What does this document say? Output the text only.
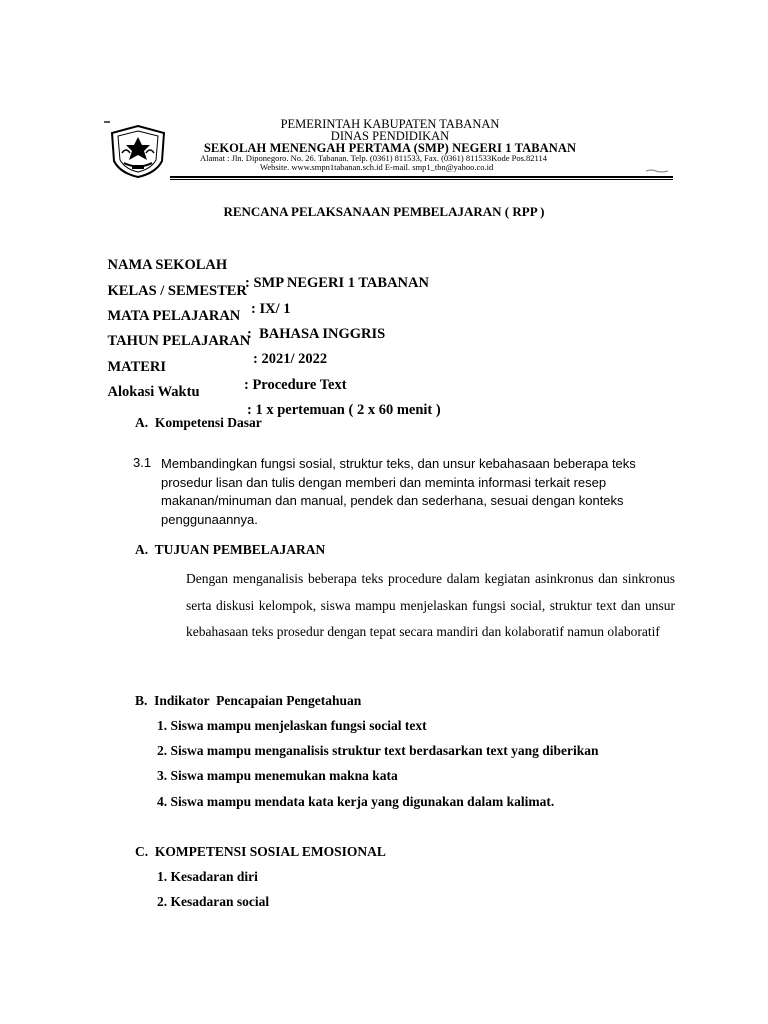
PEMERINTAH KABUPATEN TABANAN
DINAS PENDIDIKAN
SEKOLAH MENENGAH PERTAMA (SMP) NEGERI 1 TABANAN
Alamat : Jln. Diponegoro. No. 26. Tabanan. Telp. (0361) 811533, Fax. (0361) 811533Kode Pos.82114
Website. www.smpn1tabanan.sch.id E-mail. smp1_tbn@yahoo.co.id
RENCANA PELAKSANAAN PEMBELAJARAN ( RPP )

NAMA SEKOLAH

: SMP NEGERI 1 TABANAN

KELAS / SEMESTER

: IX/ 1

MATA PELAJARAN

:  BAHASA INGGRIS

TAHUN PELAJARAN

: 2021/ 2022

MATERI

: Procedure Text

Alokasi Waktu

: 1 x pertemuan ( 2 x 60 menit )

A.  Kompetensi Dasar
3.1 Membandingkan fungsi sosial, struktur teks, dan unsur kebahasaan beberapa teks prosedur lisan dan tulis dengan memberi dan meminta informasi terkait resep makanan/minuman dan manual, pendek dan sederhana, sesuai dengan konteks penggunaannya.
A.  TUJUAN PEMBELAJARAN
Dengan menganalisis beberapa teks procedure dalam kegiatan asinkronus dan sinkronus serta diskusi kelompok, siswa mampu menjelaskan fungsi social, struktur text dan unsur kebahasaan teks prosedur dengan tepat secara mandiri dan kolaboratif namun olaboratif
B.  Indikator  Pencapaian Pengetahuan
1. Siswa mampu menjelaskan fungsi social text
2. Siswa mampu menganalisis struktur text berdasarkan text yang diberikan
3. Siswa mampu menemukan makna kata
4. Siswa mampu mendata kata kerja yang digunakan dalam kalimat.
C.  KOMPETENSI SOSIAL EMOSIONAL
1. Kesadaran diri
2. Kesadaran social
